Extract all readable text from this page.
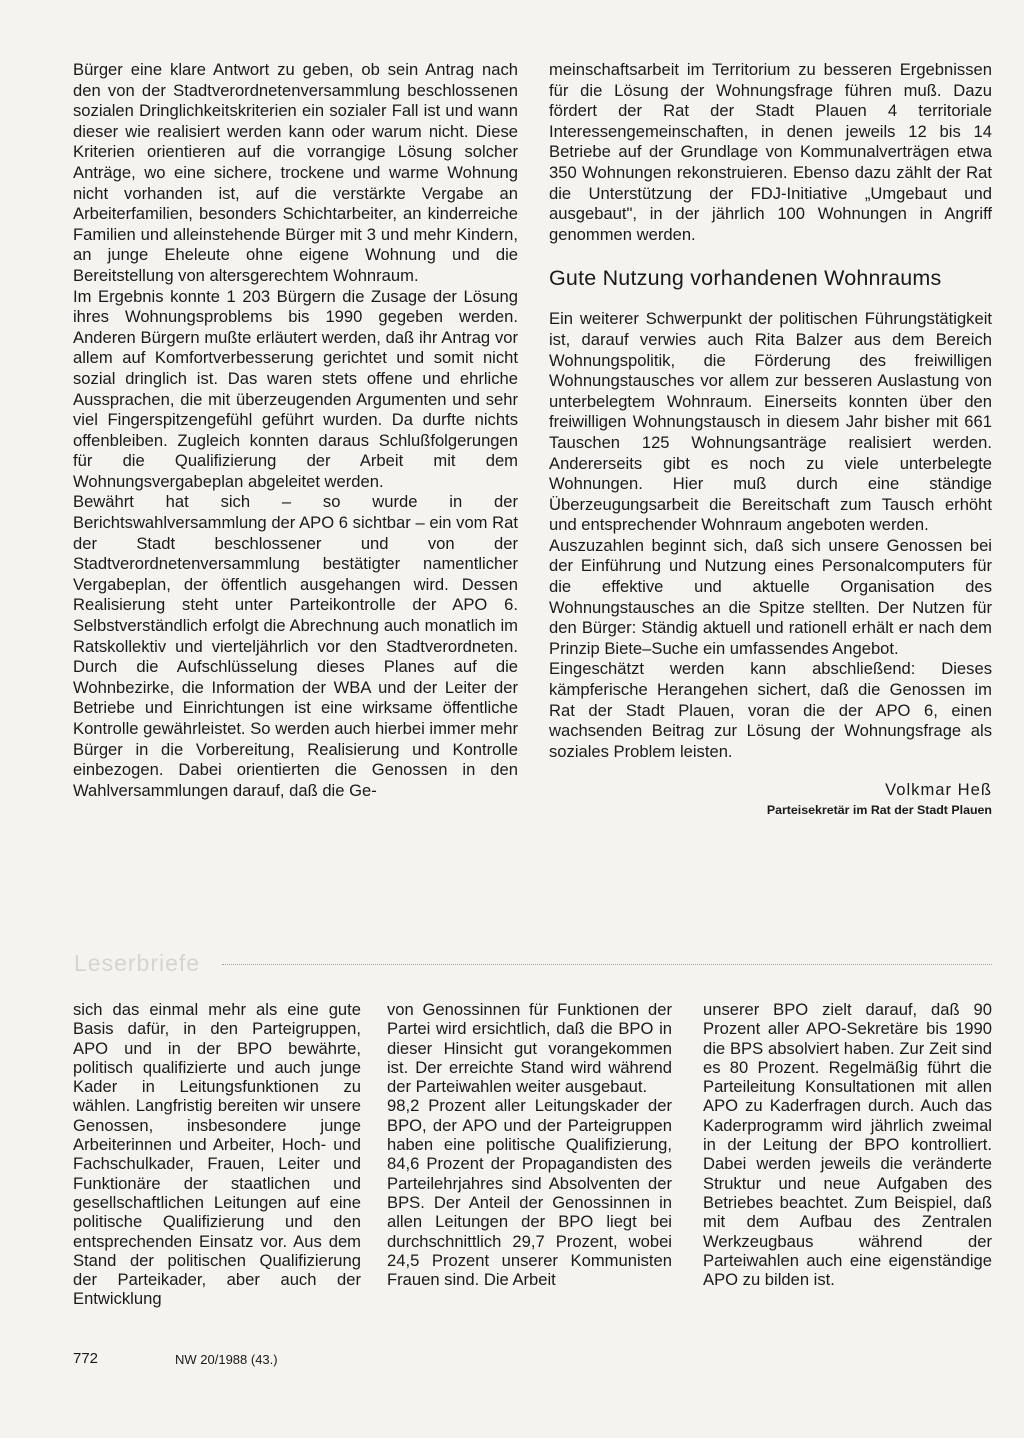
Bürger eine klare Antwort zu geben, ob sein Antrag nach den von der Stadtverordnetenversammlung beschlossenen sozialen Dringlichkeitskriterien ein sozialer Fall ist und wann dieser wie realisiert werden kann oder warum nicht. Diese Kriterien orientieren auf die vorrangige Lösung solcher Anträge, wo eine sichere, trockene und warme Wohnung nicht vorhanden ist, auf die verstärkte Vergabe an Arbeiterfamilien, besonders Schichtarbeiter, an kinderreiche Familien und alleinstehende Bürger mit 3 und mehr Kindern, an junge Eheleute ohne eigene Wohnung und die Bereitstellung von altersgerechtem Wohnraum.

Im Ergebnis konnte 1 203 Bürgern die Zusage der Lösung ihres Wohnungsproblems bis 1990 gegeben werden. Anderen Bürgern mußte erläutert werden, daß ihr Antrag vor allem auf Komfortverbesserung gerichtet und somit nicht sozial dringlich ist. Das waren stets offene und ehrliche Aussprachen, die mit überzeugenden Argumenten und sehr viel Fingerspitzengefühl geführt wurden. Da durfte nichts offenbleiben. Zugleich konnten daraus Schlußfolgerungen für die Qualifizierung der Arbeit mit dem Wohnungsvergabeplan abgeleitet werden.

Bewährt hat sich – so wurde in der Berichtswahlversammlung der APO 6 sichtbar – ein vom Rat der Stadt beschlossener und von der Stadtverordnetenversammlung bestätigter namentlicher Vergabeplan, der öffentlich ausgehangen wird. Dessen Realisierung steht unter Parteikontrolle der APO 6. Selbstverständlich erfolgt die Abrechnung auch monatlich im Ratskollektiv und vierteljährlich vor den Stadtverordneten. Durch die Aufschlüsselung dieses Planes auf die Wohnbezirke, die Information der WBA und der Leiter der Betriebe und Einrichtungen ist eine wirksame öffentliche Kontrolle gewährleistet. So werden auch hierbei immer mehr Bürger in die Vorbereitung, Realisierung und Kontrolle einbezogen. Dabei orientierten die Genossen in den Wahlversammlungen darauf, daß die Ge-

meinschaftsarbeit im Territorium zu besseren Ergebnissen für die Lösung der Wohnungsfrage führen muß. Dazu fördert der Rat der Stadt Plauen 4 territoriale Interessengemeinschaften, in denen jeweils 12 bis 14 Betriebe auf der Grundlage von Kommunalverträgen etwa 350 Wohnungen rekonstruieren. Ebenso dazu zählt der Rat die Unterstützung der FDJ-Initiative „Umgebaut und ausgebaut", in der jährlich 100 Wohnungen in Angriff genommen werden.

Gute Nutzung vorhandenen Wohnraums

Ein weiterer Schwerpunkt der politischen Führungstätigkeit ist, darauf verwies auch Rita Balzer aus dem Bereich Wohnungspolitik, die Förderung des freiwilligen Wohnungstausches vor allem zur besseren Auslastung von unterbelegtem Wohnraum. Einerseits konnten über den freiwilligen Wohnungstausch in diesem Jahr bisher mit 661 Tauschen 125 Wohnungsanträge realisiert werden. Andererseits gibt es noch zu viele unterbelegte Wohnungen. Hier muß durch eine ständige Überzeugungsarbeit die Bereitschaft zum Tausch erhöht und entsprechender Wohnraum angeboten werden.

Auszuzahlen beginnt sich, daß sich unsere Genossen bei der Einführung und Nutzung eines Personalcomputers für die effektive und aktuelle Organisation des Wohnungstausches an die Spitze stellten. Der Nutzen für den Bürger: Ständig aktuell und rationell erhält er nach dem Prinzip Biete–Suche ein umfassendes Angebot.

Eingeschätzt werden kann abschließend: Dieses kämpferische Herangehen sichert, daß die Genossen im Rat der Stadt Plauen, voran die der APO 6, einen wachsenden Beitrag zur Lösung der Wohnungsfrage als soziales Problem leisten.

Volkmar Heß
Parteisekretär im Rat der Stadt Plauen
Leserbriefe

sich das einmal mehr als eine gute Basis dafür, in den Parteigruppen, APO und in der BPO bewährte, politisch qualifizierte und auch junge Kader in Leitungsfunktionen zu wählen. Langfristig bereiten wir unsere Genossen, insbesondere junge Arbeiterinnen und Arbeiter, Hoch- und Fachschulkader, Frauen, Leiter und Funktionäre der staatlichen und gesellschaftlichen Leitungen auf eine politische Qualifizierung und den entsprechenden Einsatz vor. Aus dem Stand der politischen Qualifizierung der Parteikader, aber auch der Entwicklung

von Genossinnen für Funktionen der Partei wird ersichtlich, daß die BPO in dieser Hinsicht gut vorangekommen ist. Der erreichte Stand wird während der Parteiwahlen weiter ausgebaut.

98,2 Prozent aller Leitungskader der BPO, der APO und der Parteigruppen haben eine politische Qualifizierung, 84,6 Prozent der Propagandisten des Parteilehrjahres sind Absolventen der BPS. Der Anteil der Genossinnen in allen Leitungen der BPO liegt bei durchschnittlich 29,7 Prozent, wobei 24,5 Prozent unserer Kommunisten Frauen sind. Die Arbeit

unserer BPO zielt darauf, daß 90 Prozent aller APO-Sekretäre bis 1990 die BPS absolviert haben. Zur Zeit sind es 80 Prozent. Regelmäßig führt die Parteileitung Konsultationen mit allen APO zu Kaderfragen durch. Auch das Kaderprogramm wird jährlich zweimal in der Leitung der BPO kontrolliert. Dabei werden jeweils die veränderte Struktur und neue Aufgaben des Betriebes beachtet. Zum Beispiel, daß mit dem Aufbau des Zentralen Werkzeugbaus während der Parteiwahlen auch eine eigenständige APO zu bilden ist.

772	NW 20/1988 (43.)
